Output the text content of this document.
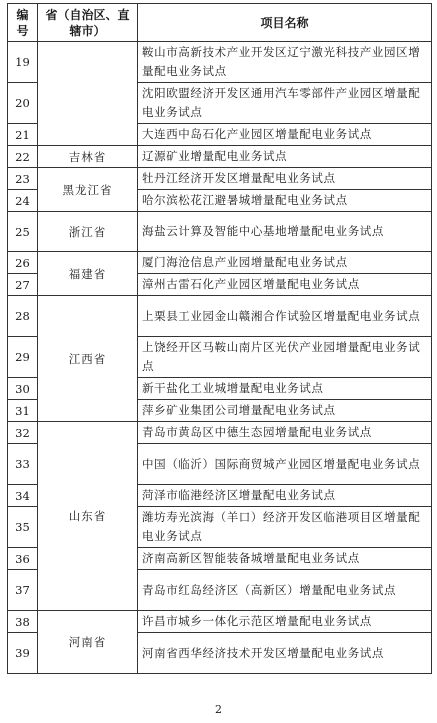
编号	省（自治区、直辖市）	项目名称
19		鞍山市高新技术产业开发区辽宁激光科技产业园区增量配电业务试点
20		沈阳欧盟经济开发区通用汽车零部件产业园区增量配电业务试点
21		大连西中岛石化产业园区增量配电业务试点
22	吉林省	辽源矿业增量配电业务试点
23	黑龙江省	牡丹江经济开发区增量配电业务试点
24		哈尔滨松花江避暑城增量配电业务试点
25	浙江省	海盐云计算及智能中心基地增量配电业务试点
26	福建省	厦门海沧信息产业园增量配电业务试点
27		漳州古雷石化产业园区增量配电业务试点
28	江西省	上栗县工业园金山赣湘合作试验区增量配电业务试点
29		上饶经开区马鞍山南片区光伏产业园增量配电业务试点
30		新干盐化工业城增量配电业务试点
31		萍乡矿业集团公司增量配电业务试点
32	山东省	青岛市黄岛区中德生态园增量配电业务试点
33		中国（临沂）国际商贸城产业园区增量配电业务试点
34		菏泽市临港经济区增量配电业务试点
35		潍坊寿光滨海（羊口）经济开发区临港项目区增量配电业务试点
36		济南高新区智能装备城增量配电业务试点
37		青岛市红岛经济区（高新区）增量配电业务试点
38	河南省	许昌市城乡一体化示范区增量配电业务试点
39		河南省西华经济技术开发区增量配电业务试点
2
